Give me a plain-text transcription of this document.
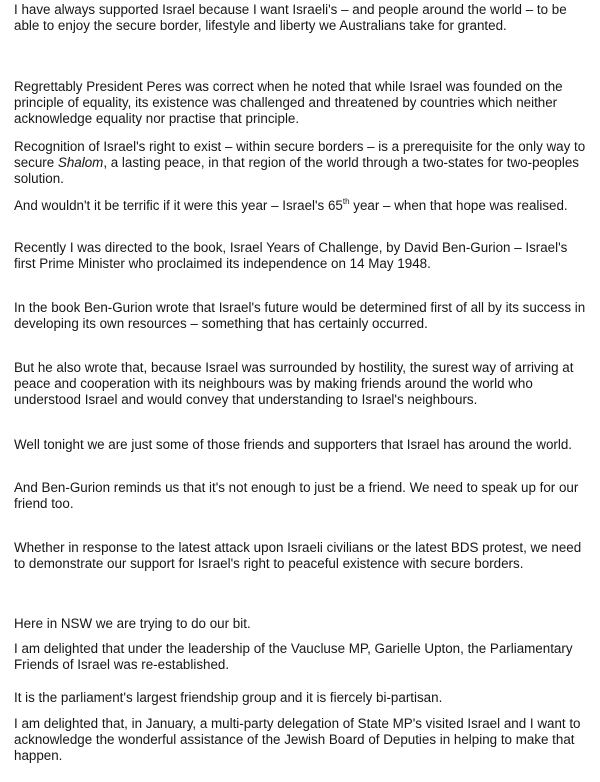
I have always supported Israel because I want Israeli's – and people around the world – to be able to enjoy the secure border, lifestyle and liberty we Australians take for granted.

Regrettably President Peres was correct when he noted that while Israel was founded on the principle of equality, its existence was challenged and threatened by countries which neither acknowledge equality nor practise that principle.

Recognition of Israel's right to exist – within secure borders – is a prerequisite for the only way to secure Shalom, a lasting peace, in that region of the world through a two-states for two-peoples solution.

And wouldn't it be terrific if it were this year – Israel's 65th year – when that hope was realised.

Recently I was directed to the book, Israel Years of Challenge, by David Ben-Gurion – Israel's first Prime Minister who proclaimed its independence on 14 May 1948.

In the book Ben-Gurion wrote that Israel's future would be determined first of all by its success in developing its own resources – something that has certainly occurred.

But he also wrote that, because Israel was surrounded by hostility, the surest way of arriving at peace and cooperation with its neighbours was by making friends around the world who understood Israel and would convey that understanding to Israel's neighbours.

Well tonight we are just some of those friends and supporters that Israel has around the world.

And Ben-Gurion reminds us that it's not enough to just be a friend. We need to speak up for our friend too.

Whether in response to the latest attack upon Israeli civilians or the latest BDS protest, we need to demonstrate our support for Israel's right to peaceful existence with secure borders.

Here in NSW we are trying to do our bit.

I am delighted that under the leadership of the Vaucluse MP, Garielle Upton, the Parliamentary Friends of Israel was re-established.

It is the parliament's largest friendship group and it is fiercely bi-partisan.

I am delighted that, in January, a multi-party delegation of State MP's visited Israel and I want to acknowledge the wonderful assistance of the Jewish Board of Deputies in helping to make that happen.
